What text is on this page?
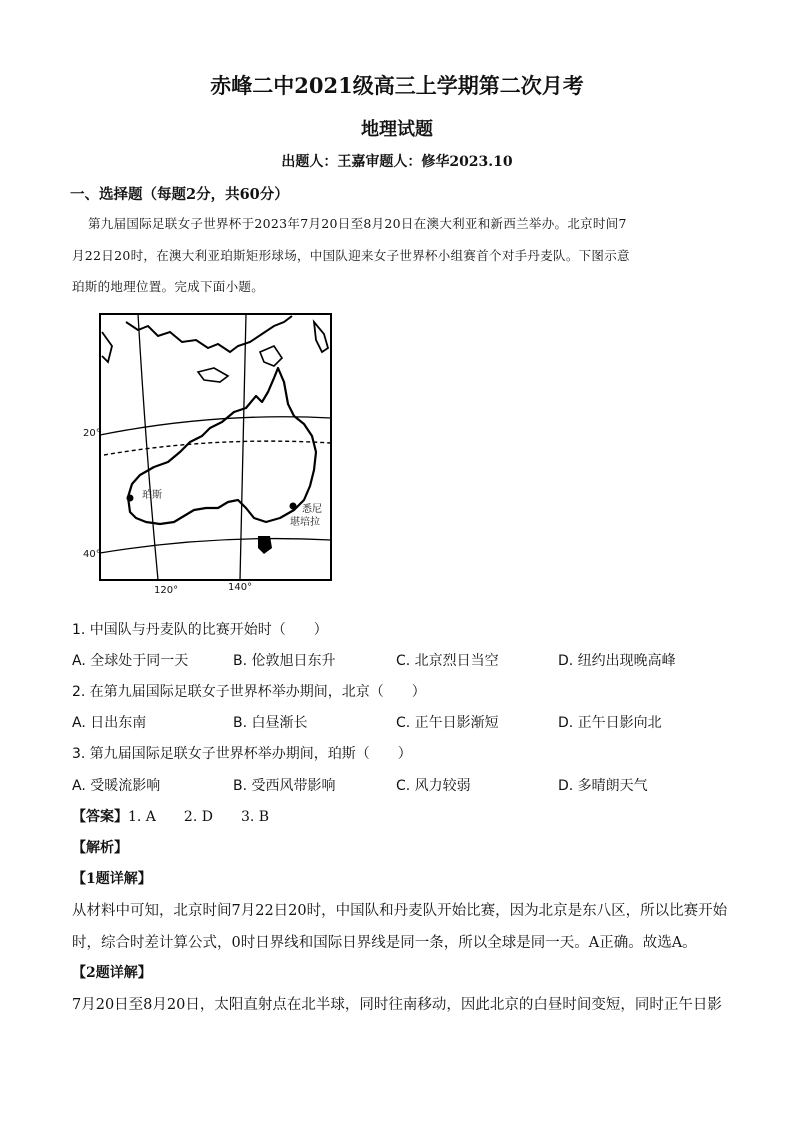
赤峰二中2021级高三上学期第二次月考
地理试题
出题人：王嘉审题人：修华2023.10
一、选择题（每题2分，共60分）
第九届国际足联女子世界杯于2023年7月20日至8月20日在澳大利亚和新西兰举办。北京时间7
月22日20时，在澳大利亚珀斯矩形球场，中国队迎来女子世界杯小组赛首个对手丹麦队。下图示意
珀斯的地理位置。完成下面小题。
20°
40°
120°	140°
珀斯
悉尼
堪培拉
1. 中国队与丹麦队的比赛开始时（　　）
A. 全球处于同一天	B. 伦敦旭日东升	C. 北京烈日当空	D. 纽约出现晚高峰
2. 在第九届国际足联女子世界杯举办期间，北京（　　）
A. 日出东南	B. 白昼渐长	C. 正午日影渐短	D. 正午日影向北
3. 第九届国际足联女子世界杯举办期间，珀斯（　　）
A. 受暖流影响	B. 受西风带影响	C. 风力较弱	D. 多晴朗天气
【答案】1. A　　2. D　　3. B
【解析】
【1题详解】
从材料中可知，北京时间7月22日20时，中国队和丹麦队开始比赛，因为北京是东八区，所以比赛开始
时，综合时差计算公式，0时日界线和国际日界线是同一条，所以全球是同一天。A正确。故选A。
【2题详解】
7月20日至8月20日，太阳直射点在北半球，同时往南移动，因此北京的白昼时间变短，同时正午日影
